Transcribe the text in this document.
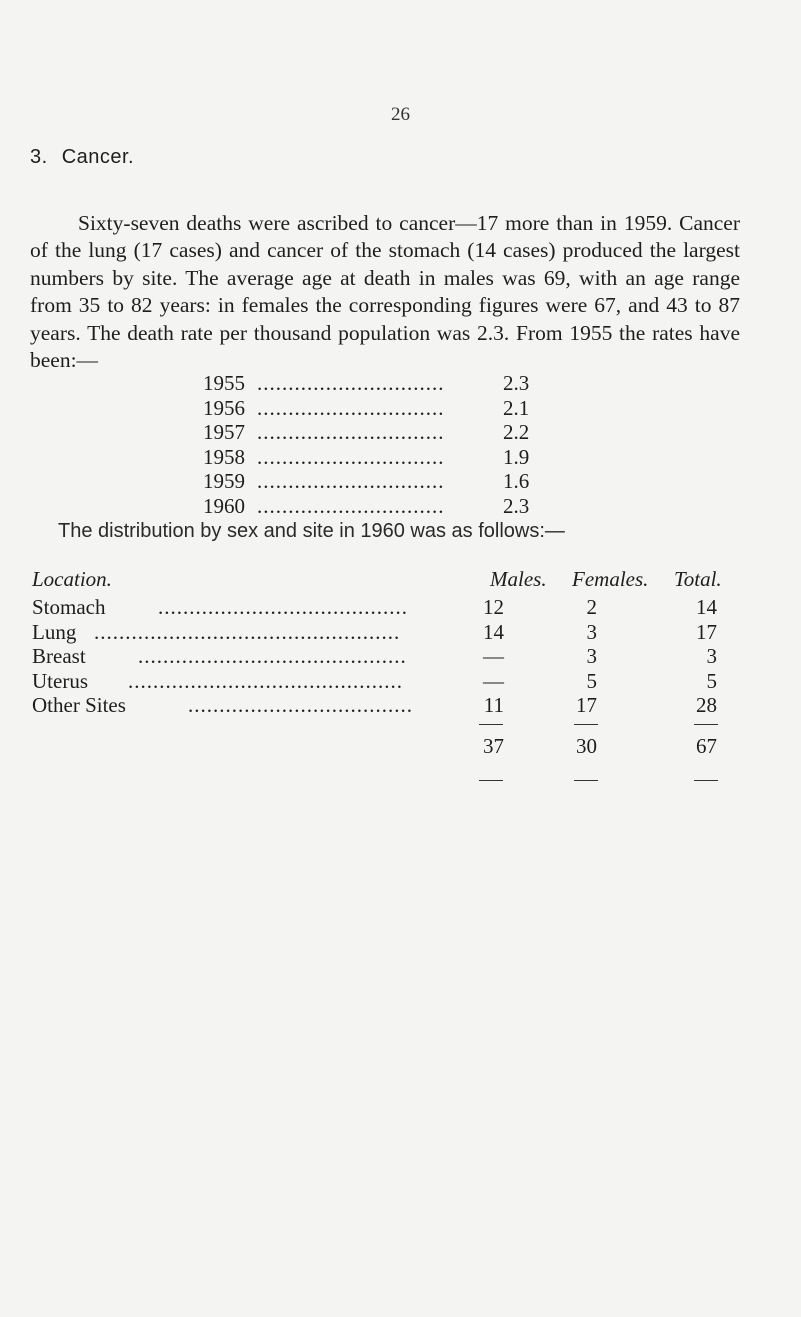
26
3. Cancer.

Sixty-seven deaths were ascribed to cancer—17 more than in 1959. Cancer of the lung (17 cases) and cancer of the stomach (14 cases) produced the largest numbers by site. The average age at death in males was 69, with an age range from 35 to 82 years: in females the corresponding figures were 67, and 43 to 87 years. The death rate per thousand population was 2.3. From 1955 the rates have been:—

1955 ..............................	2.3
1956 ..............................	2.1
1957 ..............................	2.2
1958 ..............................	1.9
1959 ..............................	1.6
1960 ..............................	2.3
The distribution by sex and site in 1960 was as follows:—
Location.	Males. Females. Total.
Stomach	........................................	12	2	14
Lung .................................................	14	3	17
Breast ...........................................	—	3	3
Uterus ............................................	—	5	5
Other Sites	....................................	11	17	28
37	30	67
